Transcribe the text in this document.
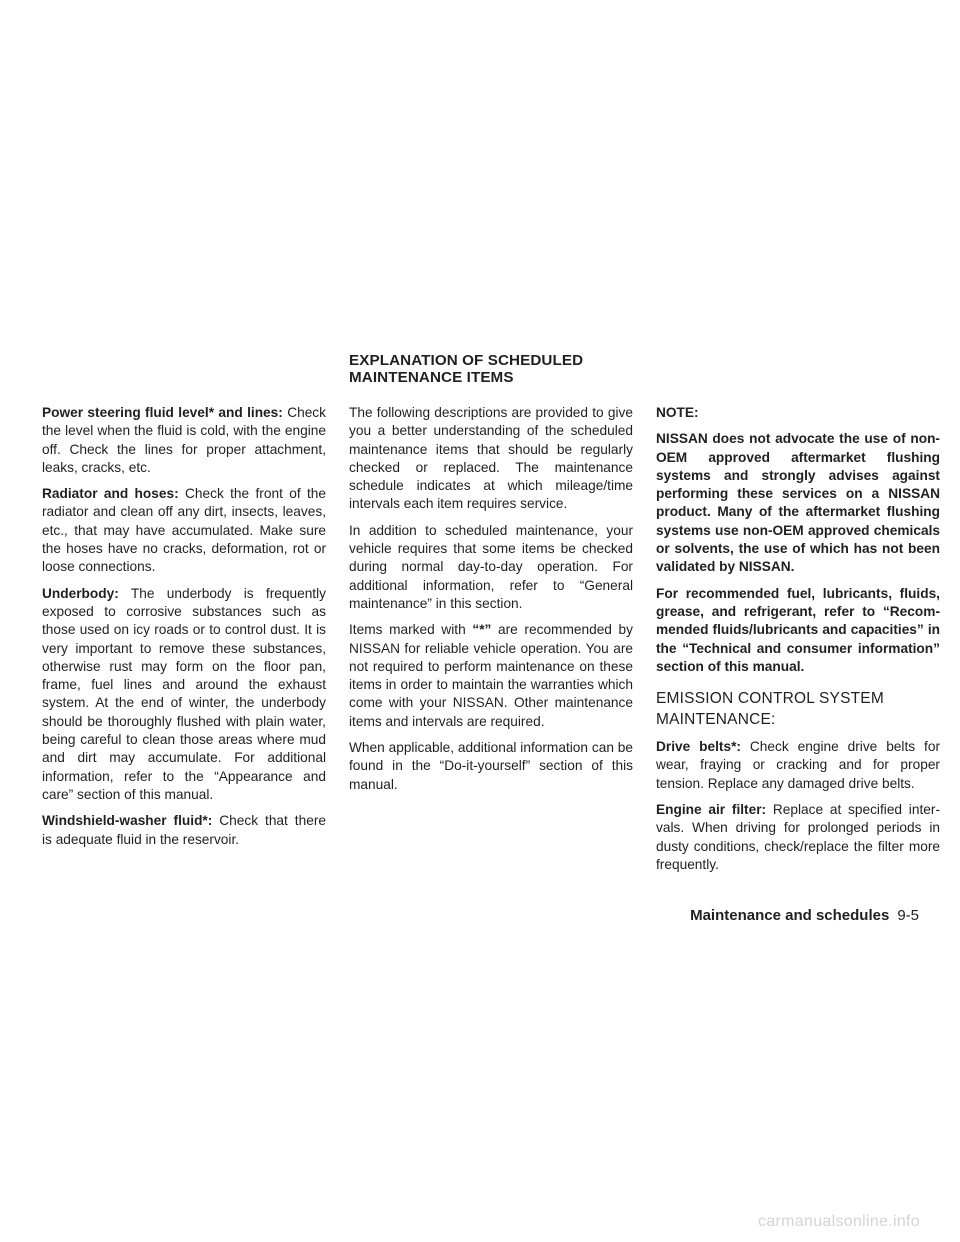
EXPLANATION OF SCHEDULED MAINTENANCE ITEMS

Power steering fluid level* and lines: Check the level when the fluid is cold, with the engine off. Check the lines for proper attachment, leaks, cracks, etc.

Radiator and hoses: Check the front of the radiator and clean off any dirt, insects, leaves, etc., that may have accumulated. Make sure the hoses have no cracks, deformation, rot or loose connections.

Underbody: The underbody is frequently exposed to corrosive substances such as those used on icy roads or to control dust. It is very important to remove these substances, otherwise rust may form on the floor pan, frame, fuel lines and around the exhaust system. At the end of winter, the underbody should be thoroughly flushed with plain water, being careful to clean those areas where mud and dirt may accumulate. For additional information, refer to the “Appearance and care” section of this manual.

Windshield-washer fluid*: Check that there is adequate fluid in the reservoir.

The following descriptions are provided to give you a better understanding of the scheduled maintenance items that should be regularly checked or replaced. The maintenance schedule indicates at which mileage/time intervals each item requires service.

In addition to scheduled maintenance, your vehicle requires that some items be checked during normal day-to-day operation. For additional information, refer to “General maintenance” in this section.

Items marked with “*” are recommended by NISSAN for reliable vehicle operation. You are not required to perform maintenance on these items in order to maintain the warranties which come with your NISSAN. Other maintenance items and intervals are required.

When applicable, additional information can be found in the “Do-it-yourself” section of this manual.

NOTE:

NISSAN does not advocate the use of non-OEM approved aftermarket flushing systems and strongly advises against performing these services on a NISSAN product. Many of the aftermarket flushing systems use non-OEM approved chemicals or solvents, the use of which has not been validated by NISSAN.

For recommended fuel, lubricants, fluids, grease, and refrigerant, refer to “Recommended fluids/lubricants and capacities” in the “Technical and consumer information” section of this manual.

EMISSION CONTROL SYSTEM MAINTENANCE:

Drive belts*: Check engine drive belts for wear, fraying or cracking and for proper tension. Replace any damaged drive belts.

Engine air filter: Replace at specified intervals. When driving for prolonged periods in dusty conditions, check/replace the filter more frequently.

Maintenance and schedules 9-5
carmanualsonline.info
